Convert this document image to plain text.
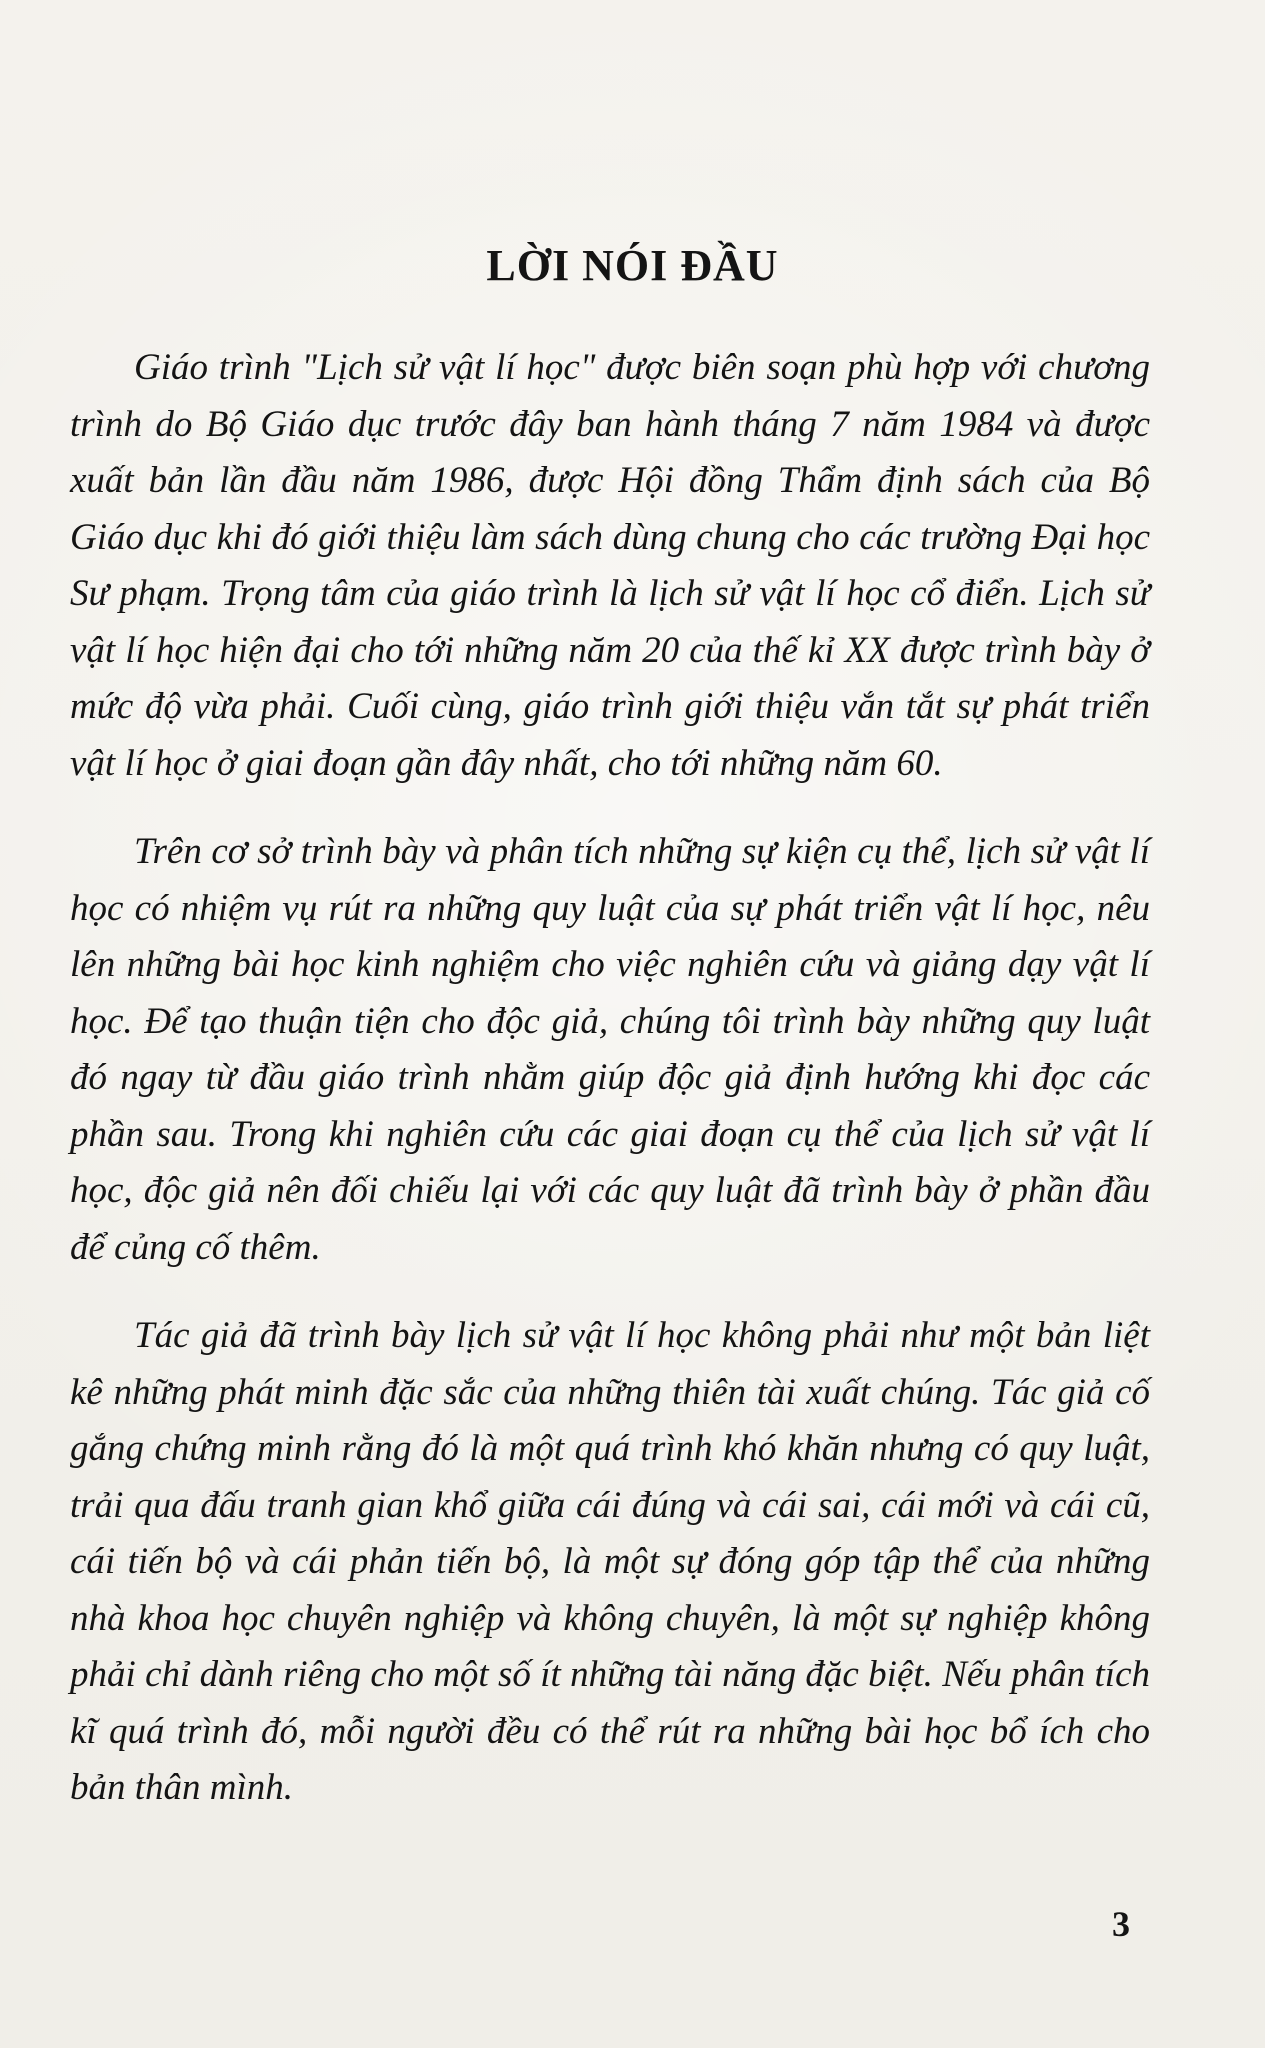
LỜI NÓI ĐẦU

Giáo trình "Lịch sử vật lí học" được biên soạn phù hợp với chương trình do Bộ Giáo dục trước đây ban hành tháng 7 năm 1984 và được xuất bản lần đầu năm 1986, được Hội đồng Thẩm định sách của Bộ Giáo dục khi đó giới thiệu làm sách dùng chung cho các trường Đại học Sư phạm. Trọng tâm của giáo trình là lịch sử vật lí học cổ điển. Lịch sử vật lí học hiện đại cho tới những năm 20 của thế kỉ XX được trình bày ở mức độ vừa phải. Cuối cùng, giáo trình giới thiệu vắn tắt sự phát triển vật lí học ở giai đoạn gần đây nhất, cho tới những năm 60.

Trên cơ sở trình bày và phân tích những sự kiện cụ thể, lịch sử vật lí học có nhiệm vụ rút ra những quy luật của sự phát triển vật lí học, nêu lên những bài học kinh nghiệm cho việc nghiên cứu và giảng dạy vật lí học. Để tạo thuận tiện cho độc giả, chúng tôi trình bày những quy luật đó ngay từ đầu giáo trình nhằm giúp độc giả định hướng khi đọc các phần sau. Trong khi nghiên cứu các giai đoạn cụ thể của lịch sử vật lí học, độc giả nên đối chiếu lại với các quy luật đã trình bày ở phần đầu để củng cố thêm.

Tác giả đã trình bày lịch sử vật lí học không phải như một bản liệt kê những phát minh đặc sắc của những thiên tài xuất chúng. Tác giả cố gắng chứng minh rằng đó là một quá trình khó khăn nhưng có quy luật, trải qua đấu tranh gian khổ giữa cái đúng và cái sai, cái mới và cái cũ, cái tiến bộ và cái phản tiến bộ, là một sự đóng góp tập thể của những nhà khoa học chuyên nghiệp và không chuyên, là một sự nghiệp không phải chỉ dành riêng cho một số ít những tài năng đặc biệt. Nếu phân tích kĩ quá trình đó, mỗi người đều có thể rút ra những bài học bổ ích cho bản thân mình.

3
